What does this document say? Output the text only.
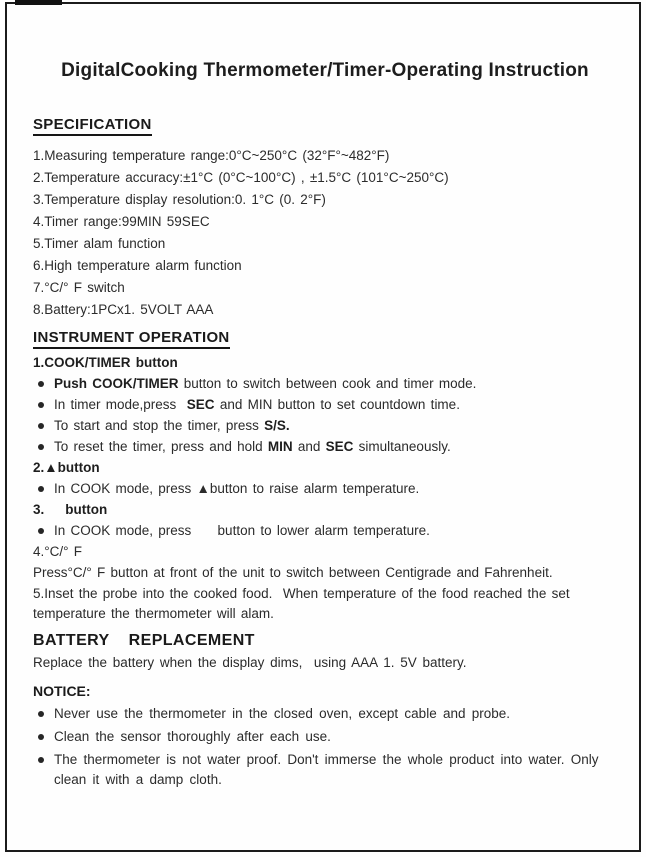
DigitalCooking Thermometer/Timer-Operating Instruction
SPECIFICATION
1.Measuring temperature range:0°C~250°C (32°F°~482°F)
2.Temperature accuracy:±1°C (0°C~100°C) , ±1.5°C (101°C~250°C)
3.Temperature display resolution:0. 1°C (0. 2°F)
4.Timer range:99MIN 59SEC
5.Timer alam function
6.High temperature alarm function
7.°C/° F switch
8.Battery:1PCx1. 5VOLT AAA
INSTRUMENT OPERATION
1.COOK/TIMER button
Push COOK/TIMER button to switch between cook and timer mode.
In timer mode,press  SEC and MIN button to set countdown time.
To start and stop the timer, press S/S.
To reset the timer, press and hold MIN and SEC simultaneously.
2.▲button
In COOK mode, press ▲button to raise alarm temperature.
3.    button
In COOK mode, press     button to lower alarm temperature.
4.°C/° F
Press°C/° F button at front of the unit to switch between Centigrade and Fahrenheit.
5.Inset the probe into the cooked food.  When temperature of the food reached the set temperature the thermometer will alam.
BATTERY    REPLACEMENT

Replace the battery when the display dims,  using AAA 1. 5V battery.

NOTICE:
Never use the thermometer in the closed oven, except cable and probe.
Clean the sensor thoroughly after each use.
The thermometer is not water proof. Don't immerse the whole product into water. Only clean it with a damp cloth.
